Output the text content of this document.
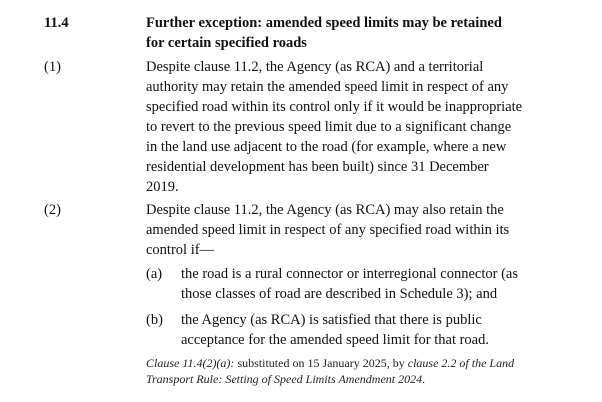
11.4	Further exception: amended speed limits may be retained
for certain specified roads
(1)	Despite clause 11.2, the Agency (as RCA) and a territorial
authority may retain the amended speed limit in respect of any
specified road within its control only if it would be inappropriate
to revert to the previous speed limit due to a significant change
in the land use adjacent to the road (for example, where a new
residential development has been built) since 31 December
2019.
(2)	Despite clause 11.2, the Agency (as RCA) may also retain the
amended speed limit in respect of any specified road within its
control if—
(a) the road is a rural connector or interregional connector (as
those classes of road are described in Schedule 3); and
(b) the Agency (as RCA) is satisfied that there is public
acceptance for the amended speed limit for that road.
Clause 11.4(2)(a): substituted on 15 January 2025, by clause 2.2 of the Land
Transport Rule: Setting of Speed Limits Amendment 2024.
